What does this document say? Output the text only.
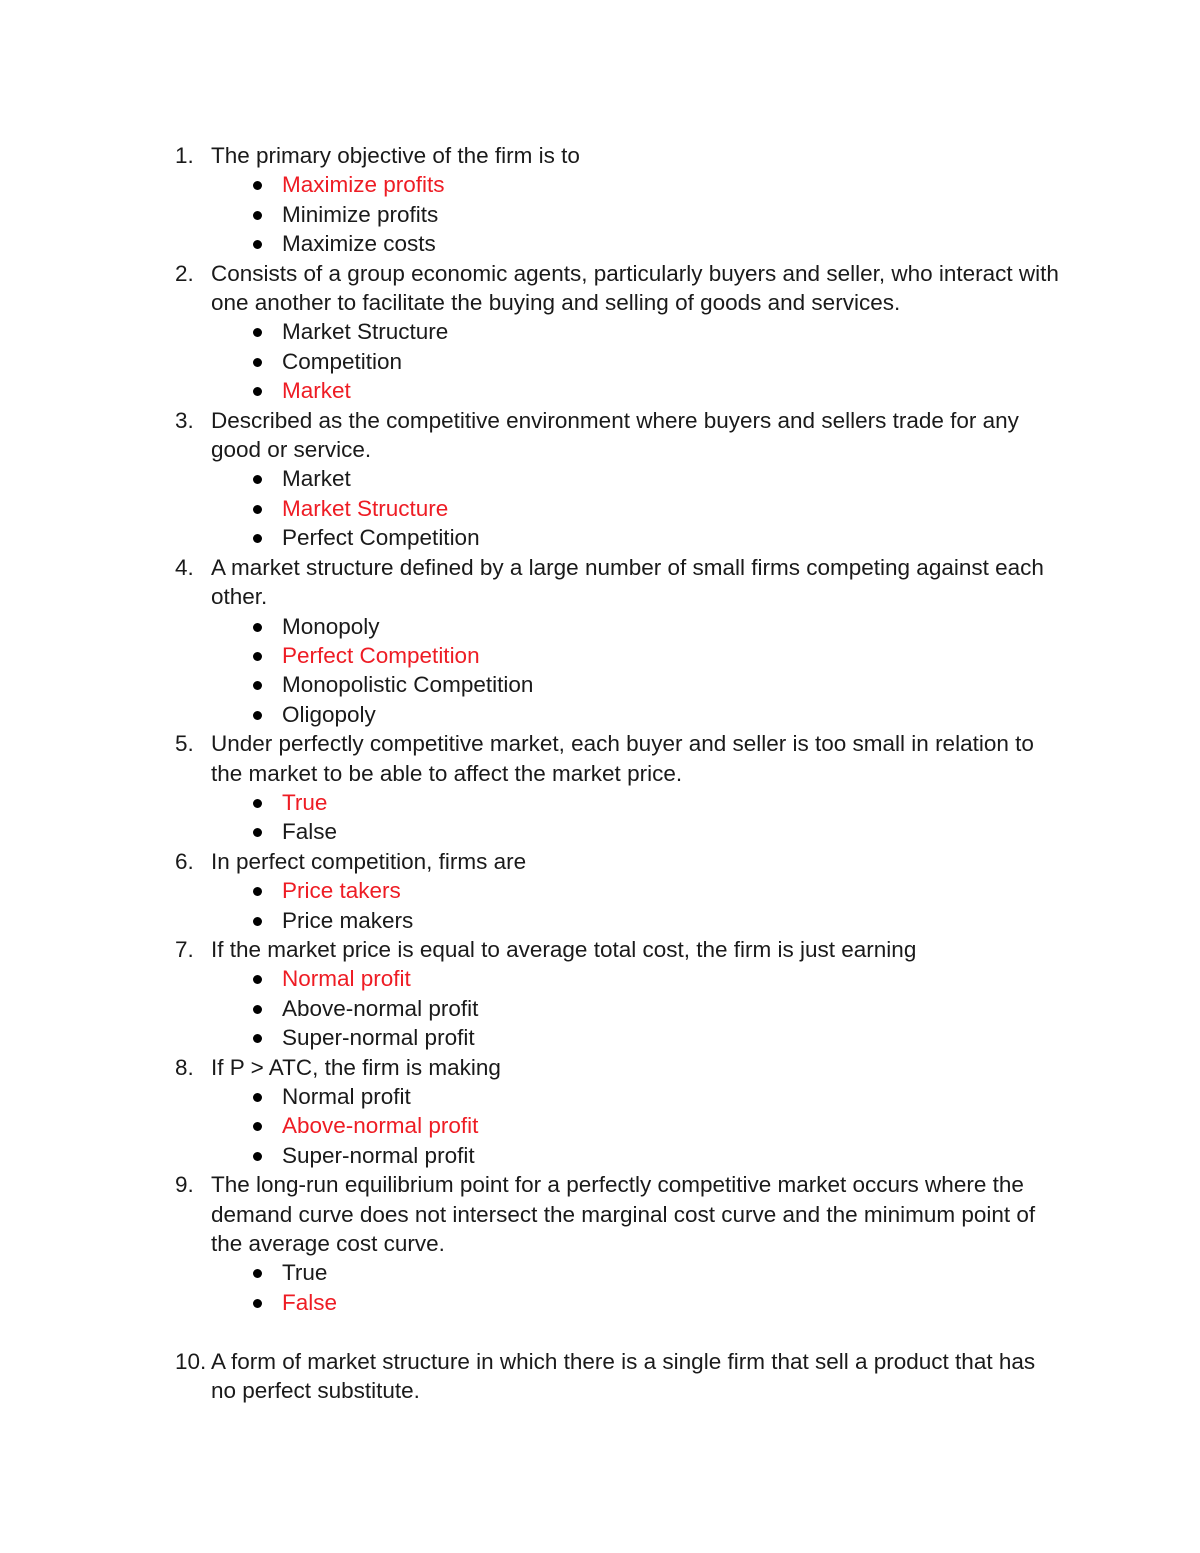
1. The primary objective of the firm is to
Maximize profits
Minimize profits
Maximize costs
2. Consists of a group economic agents, particularly buyers and seller, who interact with one another to facilitate the buying and selling of goods and services.
Market Structure
Competition
Market
3. Described as the competitive environment where buyers and sellers trade for any good or service.
Market
Market Structure
Perfect Competition
4. A market structure defined by a large number of small firms competing against each other.
Monopoly
Perfect Competition
Monopolistic Competition
Oligopoly
5. Under perfectly competitive market, each buyer and seller is too small in relation to the market to be able to affect the market price.
True
False
6. In perfect competition, firms are
Price takers
Price makers
7. If the market price is equal to average total cost, the firm is just earning
Normal profit
Above-normal profit
Super-normal profit
8. If P > ATC, the firm is making
Normal profit
Above-normal profit
Super-normal profit
9. The long-run equilibrium point for a perfectly competitive market occurs where the demand curve does not intersect the marginal cost curve and the minimum point of the average cost curve.
True
False
10. A form of market structure in which there is a single firm that sell a product that has no perfect substitute.
